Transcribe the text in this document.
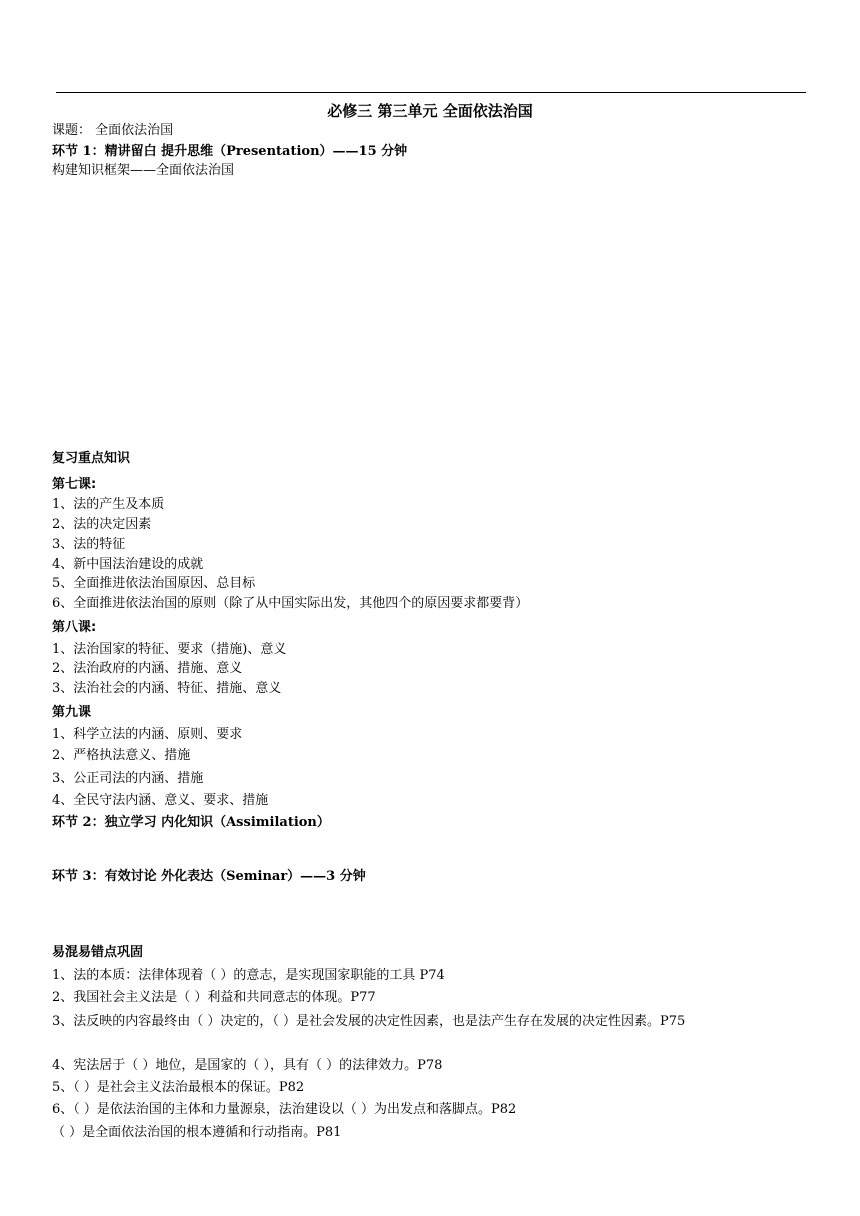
必修三 第三单元 全面依法治国
课题： 全面依法治国
环节 1：精讲留白 提升思维（Presentation）——15 分钟
构建知识框架——全面依法治国
复习重点知识
第七课:
1、法的产生及本质
2、法的决定因素
3、法的特征
4、新中国法治建设的成就
5、全面推进依法治国原因、总目标
6、全面推进依法治国的原则（除了从中国实际出发，其他四个的原因要求都要背）
第八课:
1、法治国家的特征、要求（措施)、意义
2、法治政府的内涵、措施、意义
3、法治社会的内涵、特征、措施、意义
第九课
1、科学立法的内涵、原则、要求
2、严格执法意义、措施
3、公正司法的内涵、措施
4、全民守法内涵、意义、要求、措施
环节 2：独立学习 内化知识（Assimilation）
环节 3：有效讨论 外化表达（Seminar）——3 分钟
易混易错点巩固
1、法的本质：法律体现着（ ）的意志，是实现国家职能的工具 P74
2、我国社会主义法是（ ）利益和共同意志的体现。P77
3、法反映的内容最终由（ ）决定的，（ ）是社会发展的决定性因素，也是法产生存在发展的决定性因素。P75
4、宪法居于（ ）地位，是国家的（ ），具有（ ）的法律效力。P78
5、（ ）是社会主义法治最根本的保证。P82
6、（ ）是依法治国的主体和力量源泉，法治建设以（ ）为出发点和落脚点。P82
（ ）是全面依法治国的根本遵循和行动指南。P81
